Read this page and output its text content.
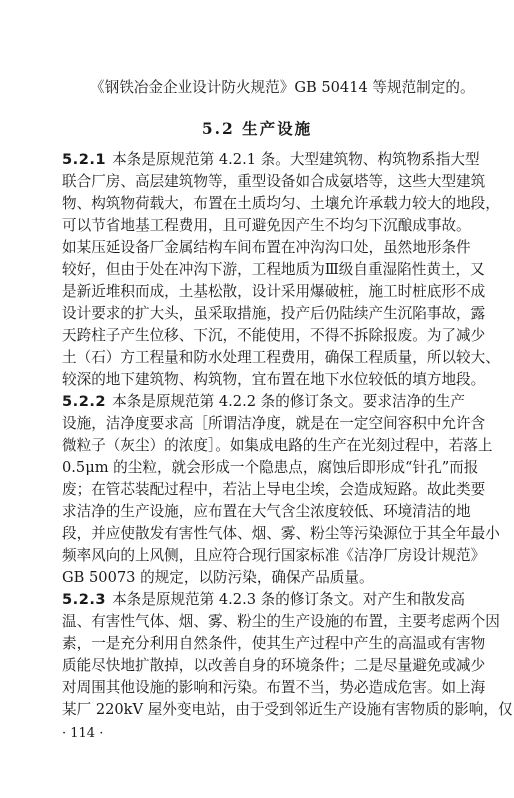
《钢铁冶金企业设计防火规范》GB 50414 等规范制定的。
5.2 生产设施
5.2.1 本条是原规范第 4.2.1 条。大型建筑物、构筑物系指大型
联合厂房、高层建筑物等，重型设备如合成氨塔等，这些大型建筑
物、构筑物荷载大，布置在土质均匀、土壤允许承载力较大的地段，
可以节省地基工程费用，且可避免因产生不均匀下沉酿成事故。
如某压延设备厂金属结构车间布置在冲沟沟口处，虽然地形条件
较好，但由于处在冲沟下游，工程地质为Ⅲ级自重湿陷性黄土，又
是新近堆积而成，土基松散，设计采用爆破桩，施工时桩底形不成
设计要求的扩大头，虽采取措施，投产后仍陆续产生沉陷事故，露
天跨柱子产生位移、下沉，不能使用，不得不拆除报废。为了减少
土（石）方工程量和防水处理工程费用，确保工程质量，所以较大、
较深的地下建筑物、构筑物，宜布置在地下水位较低的填方地段。
5.2.2 本条是原规范第 4.2.2 条的修订条文。要求洁净的生产
设施，洁净度要求高［所谓洁净度，就是在一定空间容积中允许含
微粒子（灰尘）的浓度］。如集成电路的生产在光刻过程中，若落上
0.5μm 的尘粒，就会形成一个隐患点，腐蚀后即形成“针孔”而报
废；在管芯装配过程中，若沾上导电尘埃，会造成短路。故此类要
求洁净的生产设施，应布置在大气含尘浓度较低、环境清洁的地
段，并应使散发有害性气体、烟、雾、粉尘等污染源位于其全年最小
频率风向的上风侧，且应符合现行国家标准《洁净厂房设计规范》
GB 50073 的规定，以防污染，确保产品质量。
5.2.3 本条是原规范第 4.2.3 条的修订条文。对产生和散发高
温、有害性气体、烟、雾、粉尘的生产设施的布置，主要考虑两个因
素，一是充分利用自然条件，使其生产过程中产生的高温或有害物
质能尽快地扩散掉，以改善自身的环境条件；二是尽量避免或减少
对周围其他设施的影响和污染。布置不当，势必造成危害。如上海
某厂 220kV 屋外变电站，由于受到邻近生产设施有害物质的影响，仅
· 114 ·
